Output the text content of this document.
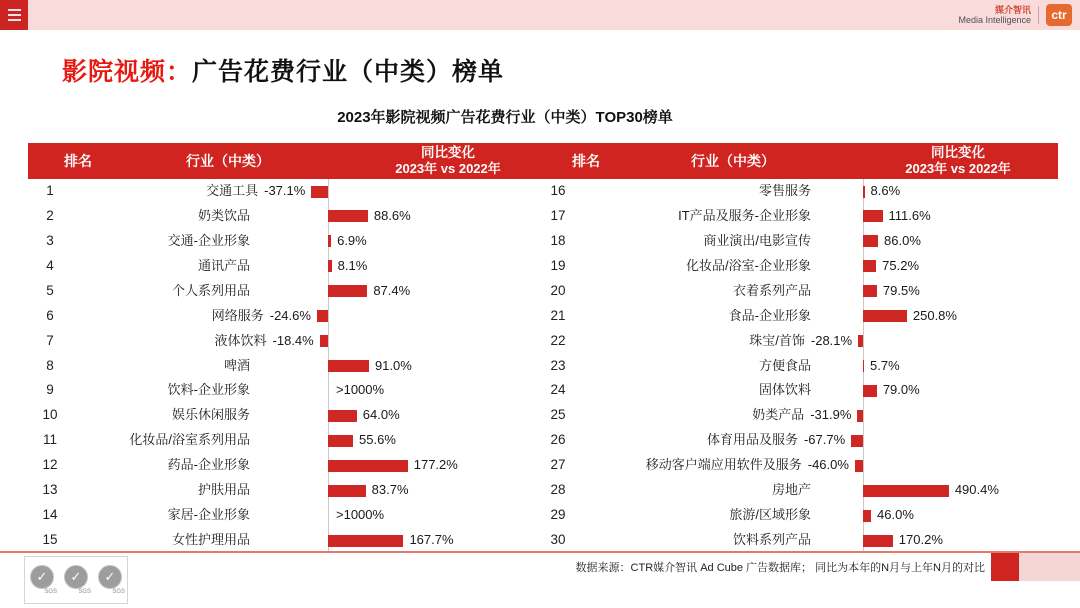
媒介智讯
Media Intelligence	ctr
影院视频：广告花费行业（中类）榜单
2023年影院视频广告花费行业（中类）TOP30榜单
排名	行业（中类）
同比变化
2023年 vs 2022年	排名	行业（中类）
同比变化
2023年 vs 2022年
1	交通工具 -37.1%
2	奶类饮品	88.6%
3	交通-企业形象	6.9%
4	通讯产品	8.1%
5	个人系列用品	87.4%
6	网络服务 -24.6%
7	液体饮料 -18.4%
8	啤酒	91.0%
9	饮料-企业形象	>1000%
10	娱乐休闲服务	64.0%
11	化妆品/浴室系列用品	55.6%
12	药品-企业形象	177.2%
13	护肤用品	83.7%
14	家居-企业形象	>1000%
15	女性护理用品	167.7%
16	零售服务	8.6%
17	IT产品及服务-企业形象	111.6%
18	商业演出/电影宣传	86.0%
19	化妆品/浴室-企业形象	75.2%
20	衣着系列产品	79.5%
21	食品-企业形象	250.8%
22	珠宝/首饰 -28.1%
23	方便食品	5.7%
24	固体饮料	79.0%
25	奶类产品 -31.9%
26	体育用品及服务 -67.7%
27	移动客户端应用软件及服务 -46.0%
28	房地产	490.4%
29	旅游/区域形象	46.0%
30	饮料系列产品	170.2%
数据来源：CTR媒介智讯 Ad Cube 广告数据库； 同比为本年的N月与上年N月的对比
✓
SGS
✓
SGS
✓
SGS
